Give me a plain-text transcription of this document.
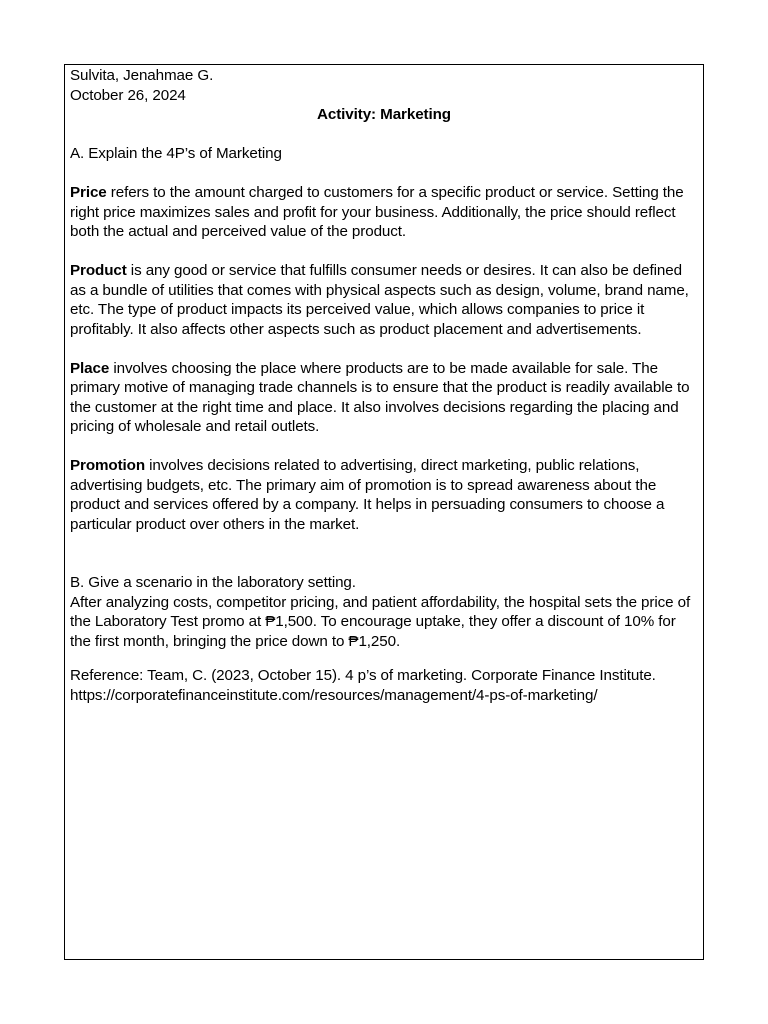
Sulvita, Jenahmae G.

October 26, 2024

Activity: Marketing

A. Explain the 4P’s of Marketing

Price refers to the amount charged to customers for a specific product or service. Setting the right price maximizes sales and profit for your business. Additionally, the price should reflect both the actual and perceived value of the product.

Product is any good or service that fulfills consumer needs or desires. It can also be defined as a bundle of utilities that comes with physical aspects such as design, volume, brand name, etc. The type of product impacts its perceived value, which allows companies to price it profitably. It also affects other aspects such as product placement and advertisements.

Place involves choosing the place where products are to be made available for sale. The primary motive of managing trade channels is to ensure that the product is readily available to the customer at the right time and place. It also involves decisions regarding the placing and pricing of wholesale and retail outlets.

Promotion involves decisions related to advertising, direct marketing, public relations, advertising budgets, etc. The primary aim of promotion is to spread awareness about the product and services offered by a company. It helps in persuading consumers to choose a particular product over others in the market.

B. Give a scenario in the laboratory setting.

After analyzing costs, competitor pricing, and patient affordability, the hospital sets the price of the Laboratory Test promo at ₱1,500. To encourage uptake, they offer a discount of 10% for the first month, bringing the price down to ₱1,250.

Reference: Team, C. (2023, October 15). 4 p’s of marketing. Corporate Finance Institute.

https://corporatefinanceinstitute.com/resources/management/4-ps-of-marketing/
